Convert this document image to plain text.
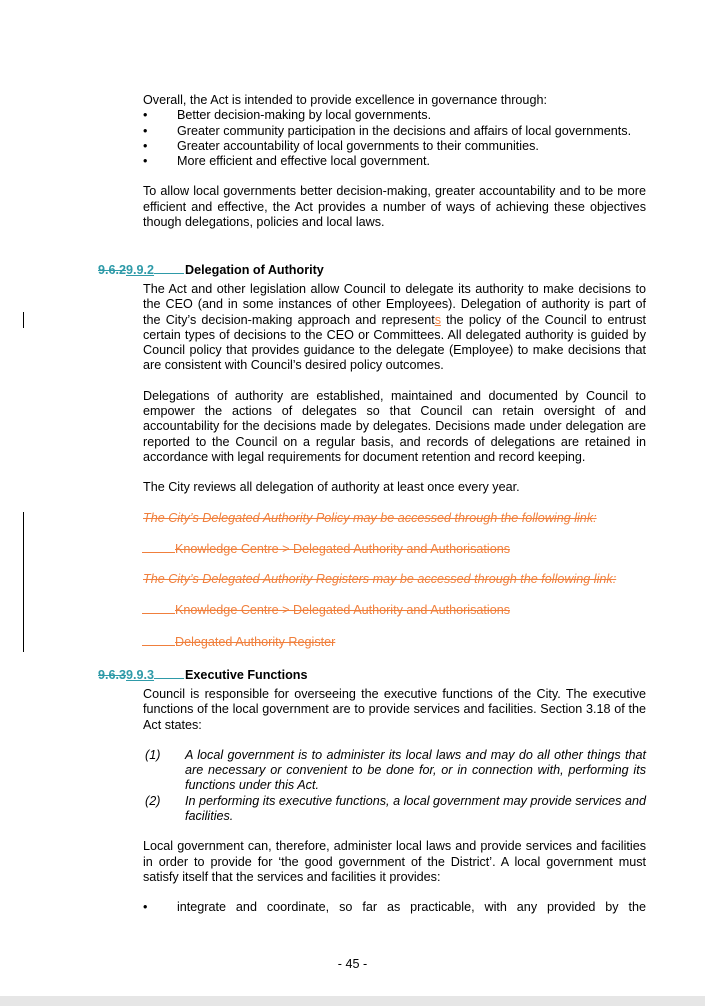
Overall, the Act is intended to provide excellence in governance through:

• Better decision-making by local governments.

• Greater community participation in the decisions and affairs of local governments.

• Greater accountability of local governments to their communities.

• More efficient and effective local government.

To allow local governments better decision-making, greater accountability and to be more efficient and effective, the Act provides a number of ways of achieving these objectives though delegations, policies and local laws.

9.6.29.9.2 Delegation of Authority

The Act and other legislation allow Council to delegate its authority to make decisions to the CEO (and in some instances of other Employees). Delegation of authority is part of the City’s decision-making approach and represents the policy of the Council to entrust certain types of decisions to the CEO or Committees. All delegated authority is guided by Council policy that provides guidance to the delegate (Employee) to make decisions that are consistent with Council’s desired policy outcomes.

Delegations of authority are established, maintained and documented by Council to empower the actions of delegates so that Council can retain oversight of and accountability for the decisions made by delegates. Decisions made under delegation are reported to the Council on a regular basis, and records of delegations are retained in accordance with legal requirements for document retention and record keeping.

The City reviews all delegation of authority at least once every year.

The City’s Delegated Authority Policy may be accessed through the following link:

Knowledge Centre > Delegated Authority and Authorisations

The City’s Delegated Authority Registers may be accessed through the following link:

Knowledge Centre > Delegated Authority and Authorisations

Delegated Authority Register

9.6.39.9.3 Executive Functions

Council is responsible for overseeing the executive functions of the City. The executive functions of the local government are to provide services and facilities. Section 3.18 of the Act states:

(1) A local government is to administer its local laws and may do all other things that are necessary or convenient to be done for, or in connection with, performing its functions under this Act.

(2) In performing its executive functions, a local government may provide services and facilities.

Local government can, therefore, administer local laws and provide services and facilities in order to provide for ‘the good government of the District’. A local government must satisfy itself that the services and facilities it provides:

• integrate and coordinate, so far as practicable, with any provided by the

- 45 -
